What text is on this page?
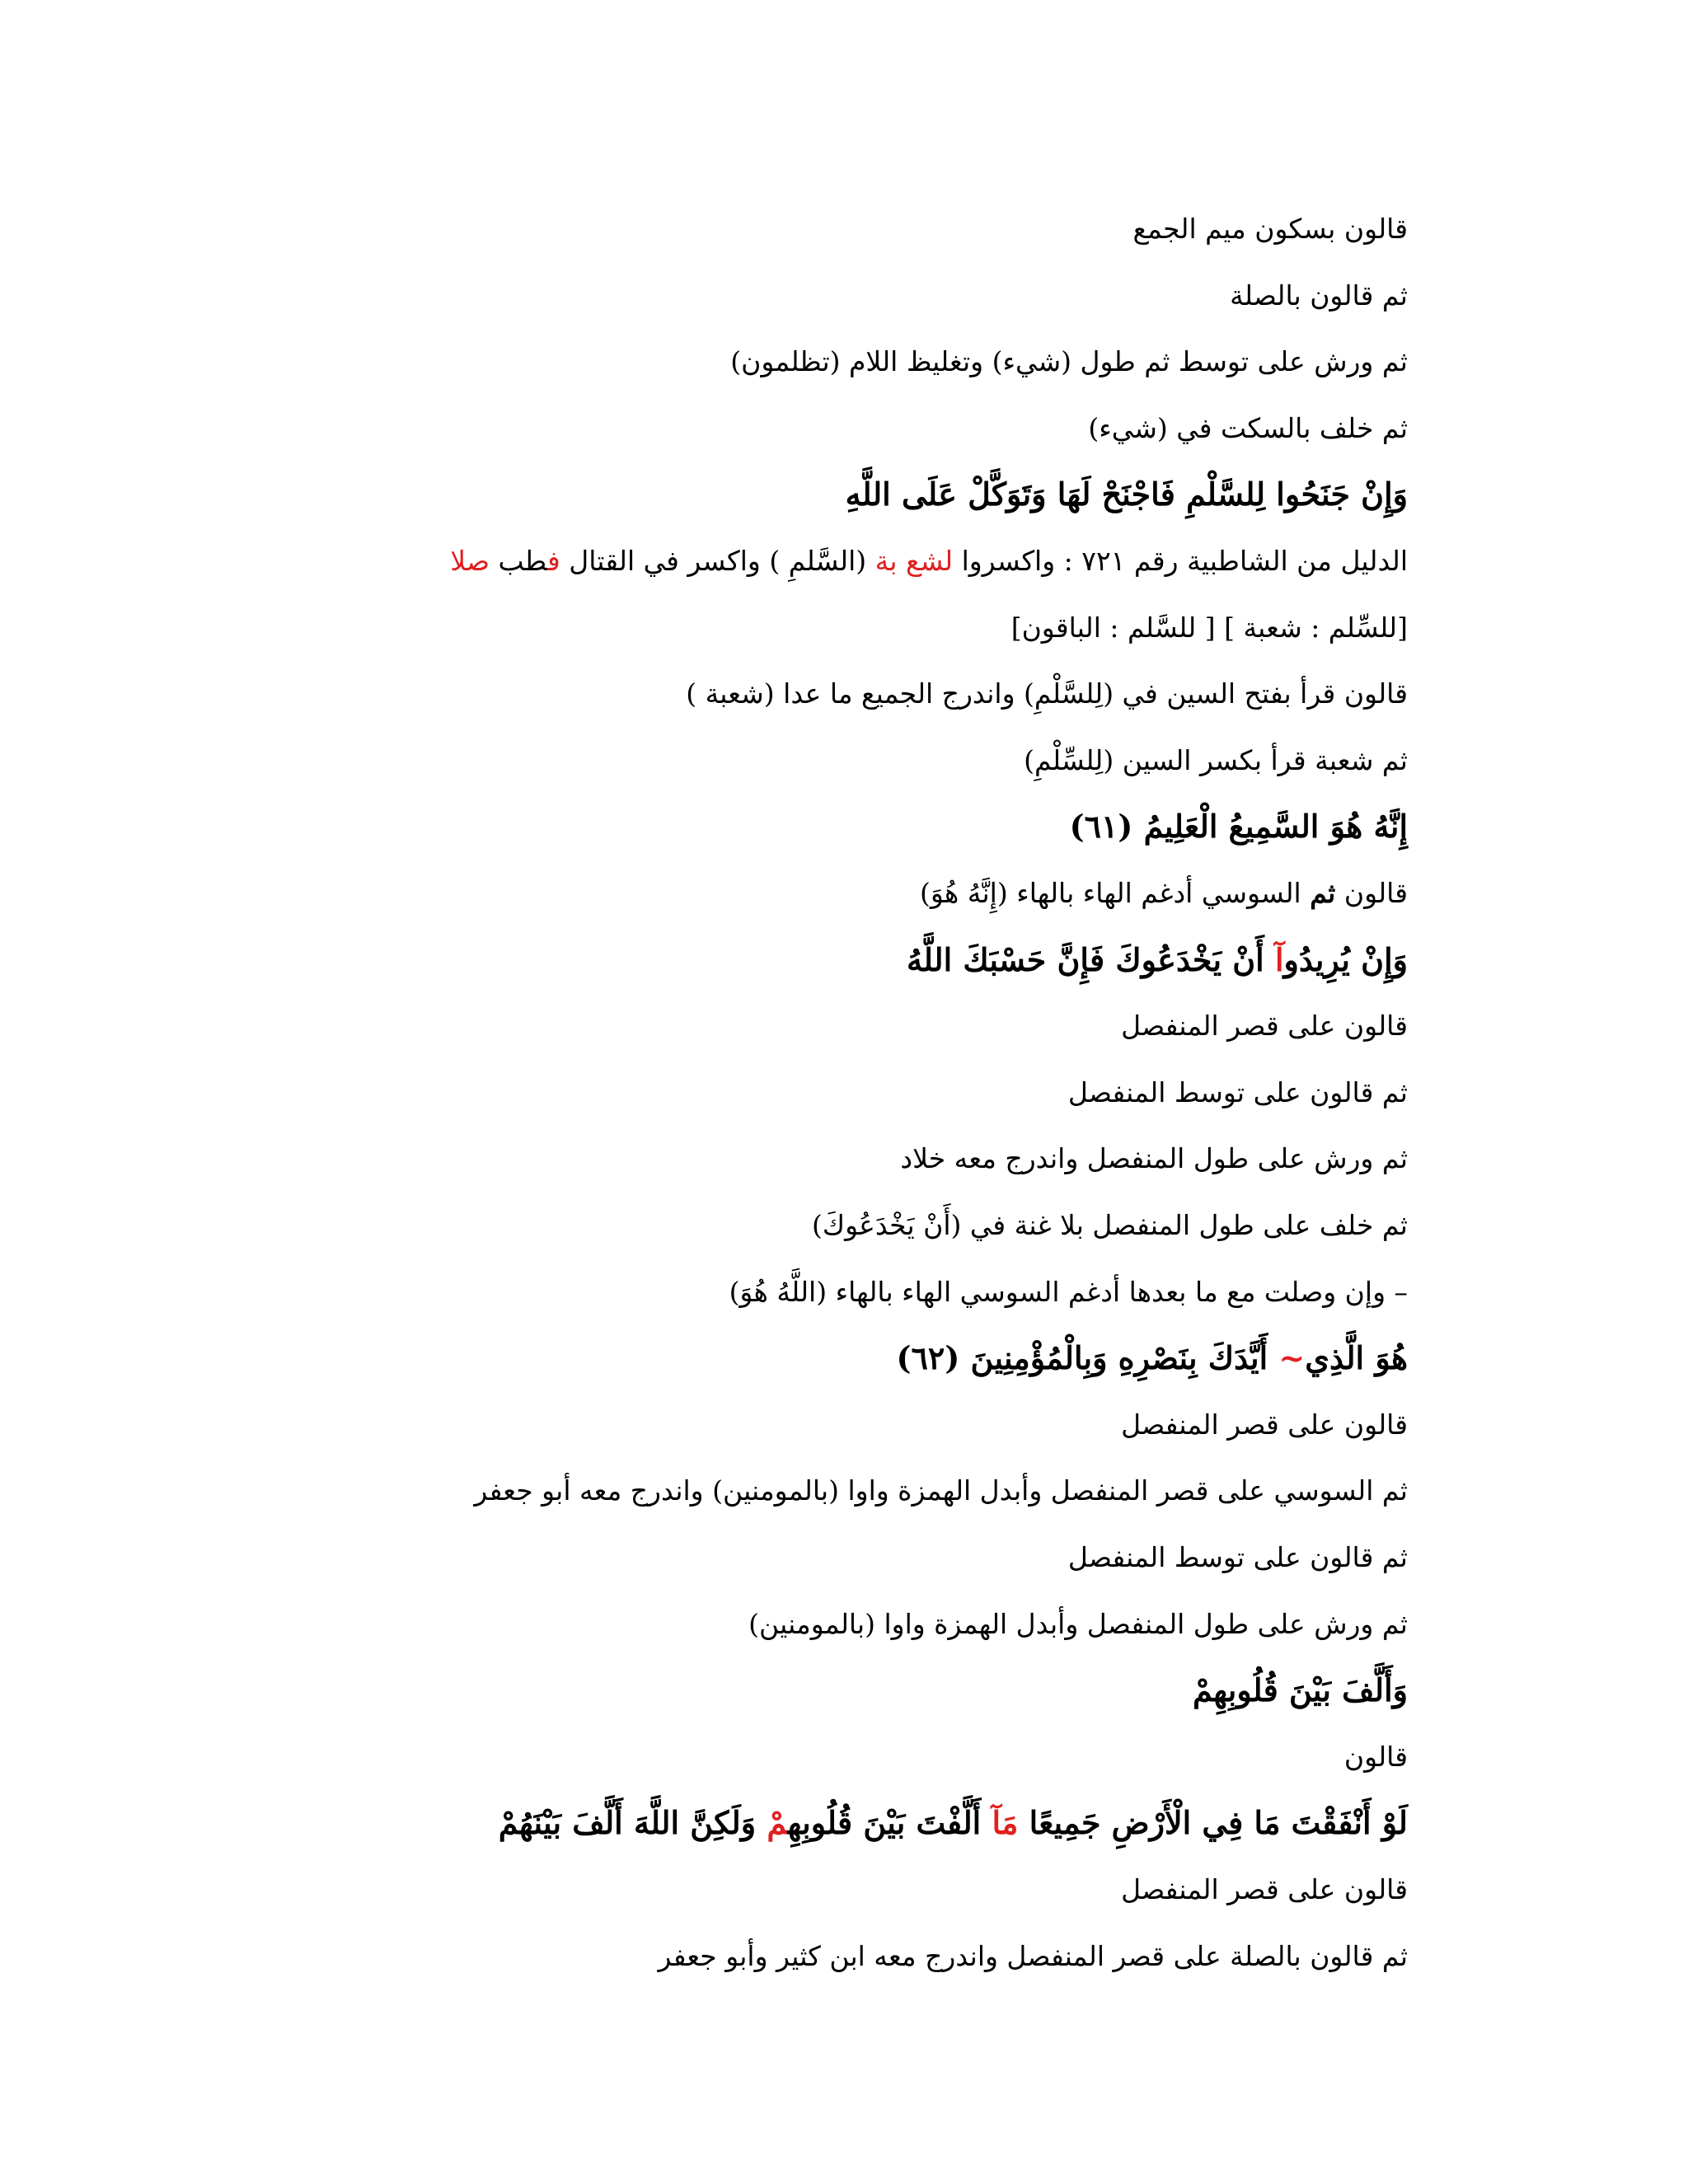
قالون بسكون ميم الجمع
ثم قالون بالصلة
ثم ورش على توسط ثم طول (شيء) وتغليظ اللام (تظلمون)
ثم خلف بالسكت في (شيء)
وَإِنْ جَنَحُوا لِلسَّلْمِ فَاجْنَحْ لَهَا وَتَوَكَّلْ عَلَى اللَّهِ
الدليل من الشاطبية رقم ٧٢١ : واكسروا لشع بة (السَّلمِ ) واكسر في القتال فطب صلا
[للسِّلم : شعبة ] [ للسَّلم : الباقون]
قالون قرأ بفتح السين في (لِلسَّلْمِ) واندرج الجميع ما عدا (شعبة )
ثم شعبة قرأ بكسر السين (لِلسِّلْمِ)
إِنَّهُ هُوَ السَّمِيعُ الْعَلِيمُ (٦١)
قالون ثم السوسي أدغم الهاء بالهاء (إِنَّهُ هُوَ)
وَإِنْ يُرِيدُوآ أَنْ يَخْدَعُوكَ فَإِنَّ حَسْبَكَ اللَّهُ
قالون على قصر المنفصل
ثم قالون على توسط المنفصل
ثم ورش على طول المنفصل واندرج معه خلاد
ثم خلف على طول المنفصل بلا غنة في (أَنْ يَخْدَعُوكَ)
– وإن وصلت مع ما بعدها أدغم السوسي الهاء بالهاء (اللَّهُ هُوَ)
هُوَ الَّذِي~ أَيَّدَكَ بِنَصْرِهِ وَبِالْمُؤْمِنِينَ (٦٢)
قالون على قصر المنفصل
ثم السوسي على قصر المنفصل وأبدل الهمزة واوا (بالمومنين) واندرج معه أبو جعفر
ثم قالون على توسط المنفصل
ثم ورش على طول المنفصل وأبدل الهمزة واوا (بالمومنين)
وَأَلَّفَ بَيْنَ قُلُوبِهِمْ
قالون
لَوْ أَنْفَقْتَ مَا فِي الْأَرْضِ جَمِيعًا مَآ أَلَّفْتَ بَيْنَ قُلُوبِهِمْ وَلَكِنَّ اللَّهَ أَلَّفَ بَيْنَهُمْ
قالون على قصر المنفصل
ثم قالون بالصلة على قصر المنفصل واندرج معه ابن كثير وأبو جعفر
